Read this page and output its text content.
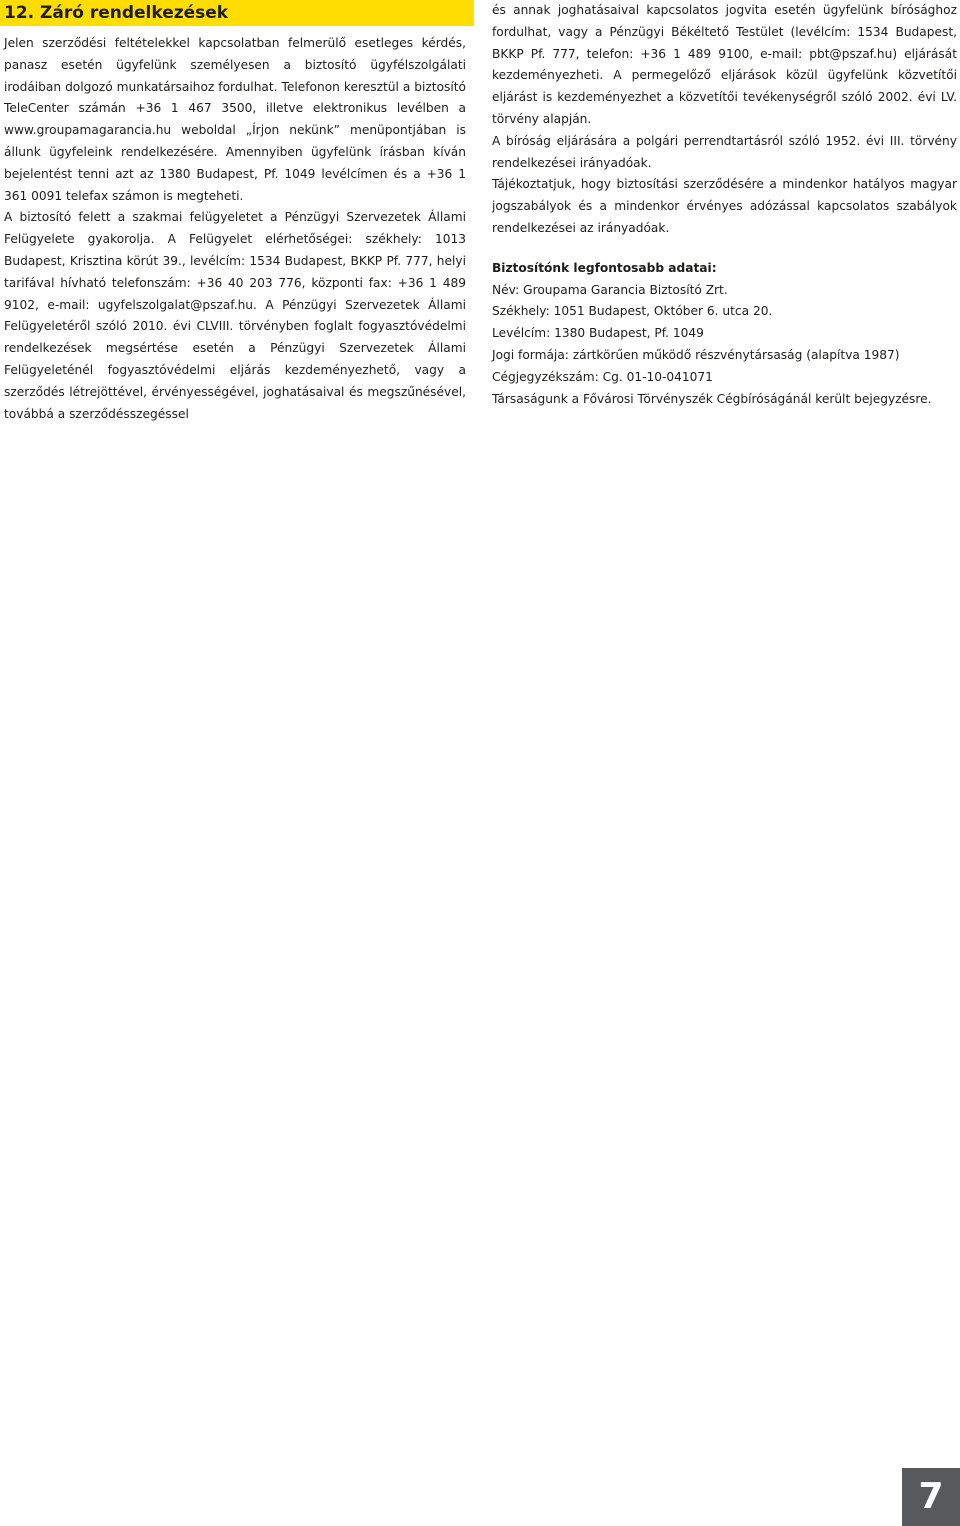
12. Záró rendelkezések

Jelen szerződési feltételekkel kapcsolatban felmerülő esetleges kérdés, panasz esetén ügyfelünk személyesen a biztosító ügyfélszolgálati irodáiban dolgozó munkatársaihoz fordulhat. Telefonon keresztül a biztosító TeleCenter számán +36 1 467 3500, illetve elektronikus levélben a www.groupamagarancia.hu weboldal „Írjon nekünk” menüpontjában is állunk ügyfeleink rendelkezésére. Amennyiben ügyfelünk írásban kíván bejelentést tenni azt az 1380 Budapest, Pf. 1049 levélcímen és a +36 1 361 0091 telefax számon is megteheti.

A biztosító felett a szakmai felügyeletet a Pénzügyi Szervezetek Állami Felügyelete gyakorolja. A Felügyelet elérhetőségei: székhely: 1013 Budapest, Krisztina körút 39., levélcím: 1534 Budapest, BKKP Pf. 777, helyi tarifával hívható telefonszám: +36 40 203 776, központi fax: +36 1 489 9102, e-mail: ugyfelszolgalat@pszaf.hu. A Pénzügyi Szervezetek Állami Felügyeletéről szóló 2010. évi CLVIII. törvényben foglalt fogyasztóvédelmi rendelkezések megsértése esetén a Pénzügyi Szervezetek Állami Felügyeleténél fogyasztóvédelmi eljárás kezdeményezhető, vagy a szerződés létrejöttével, érvényességével, joghatásaival és megszűnésével, továbbá a szerződésszegéssel

és annak joghatásaival kapcsolatos jogvita esetén ügyfelünk bírósághoz fordulhat, vagy a Pénzügyi Békéltető Testület (levélcím: 1534 Budapest, BKKP Pf. 777, telefon: +36 1 489 9100, e-mail: pbt@pszaf.hu) eljárását kezdeményezheti. A permegelőző eljárások közül ügyfelünk közvetítői eljárást is kezdeményezhet a közvetítői tevékenységről szóló 2002. évi LV. törvény alapján.

A bíróság eljárására a polgári perrendtartásról szóló 1952. évi III. törvény rendelkezései irányadóak.

Tájékoztatjuk, hogy biztosítási szerződésére a mindenkor hatályos magyar jogszabályok és a mindenkor érvényes adózással kapcsolatos szabályok rendelkezései az irányadóak.

Biztosítónk legfontosabb adatai:

Név: Groupama Garancia Biztosító Zrt.
Székhely: 1051 Budapest, Október 6. utca 20.
Levélcím: 1380 Budapest, Pf. 1049
Jogi formája: zártkörűen működő részvénytársaság (alapítva 1987)
Cégjegyzékszám: Cg. 01-10-041071
Társaságunk a Fővárosi Törvényszék Cégbíróságánál került bejegyzésre.
7
